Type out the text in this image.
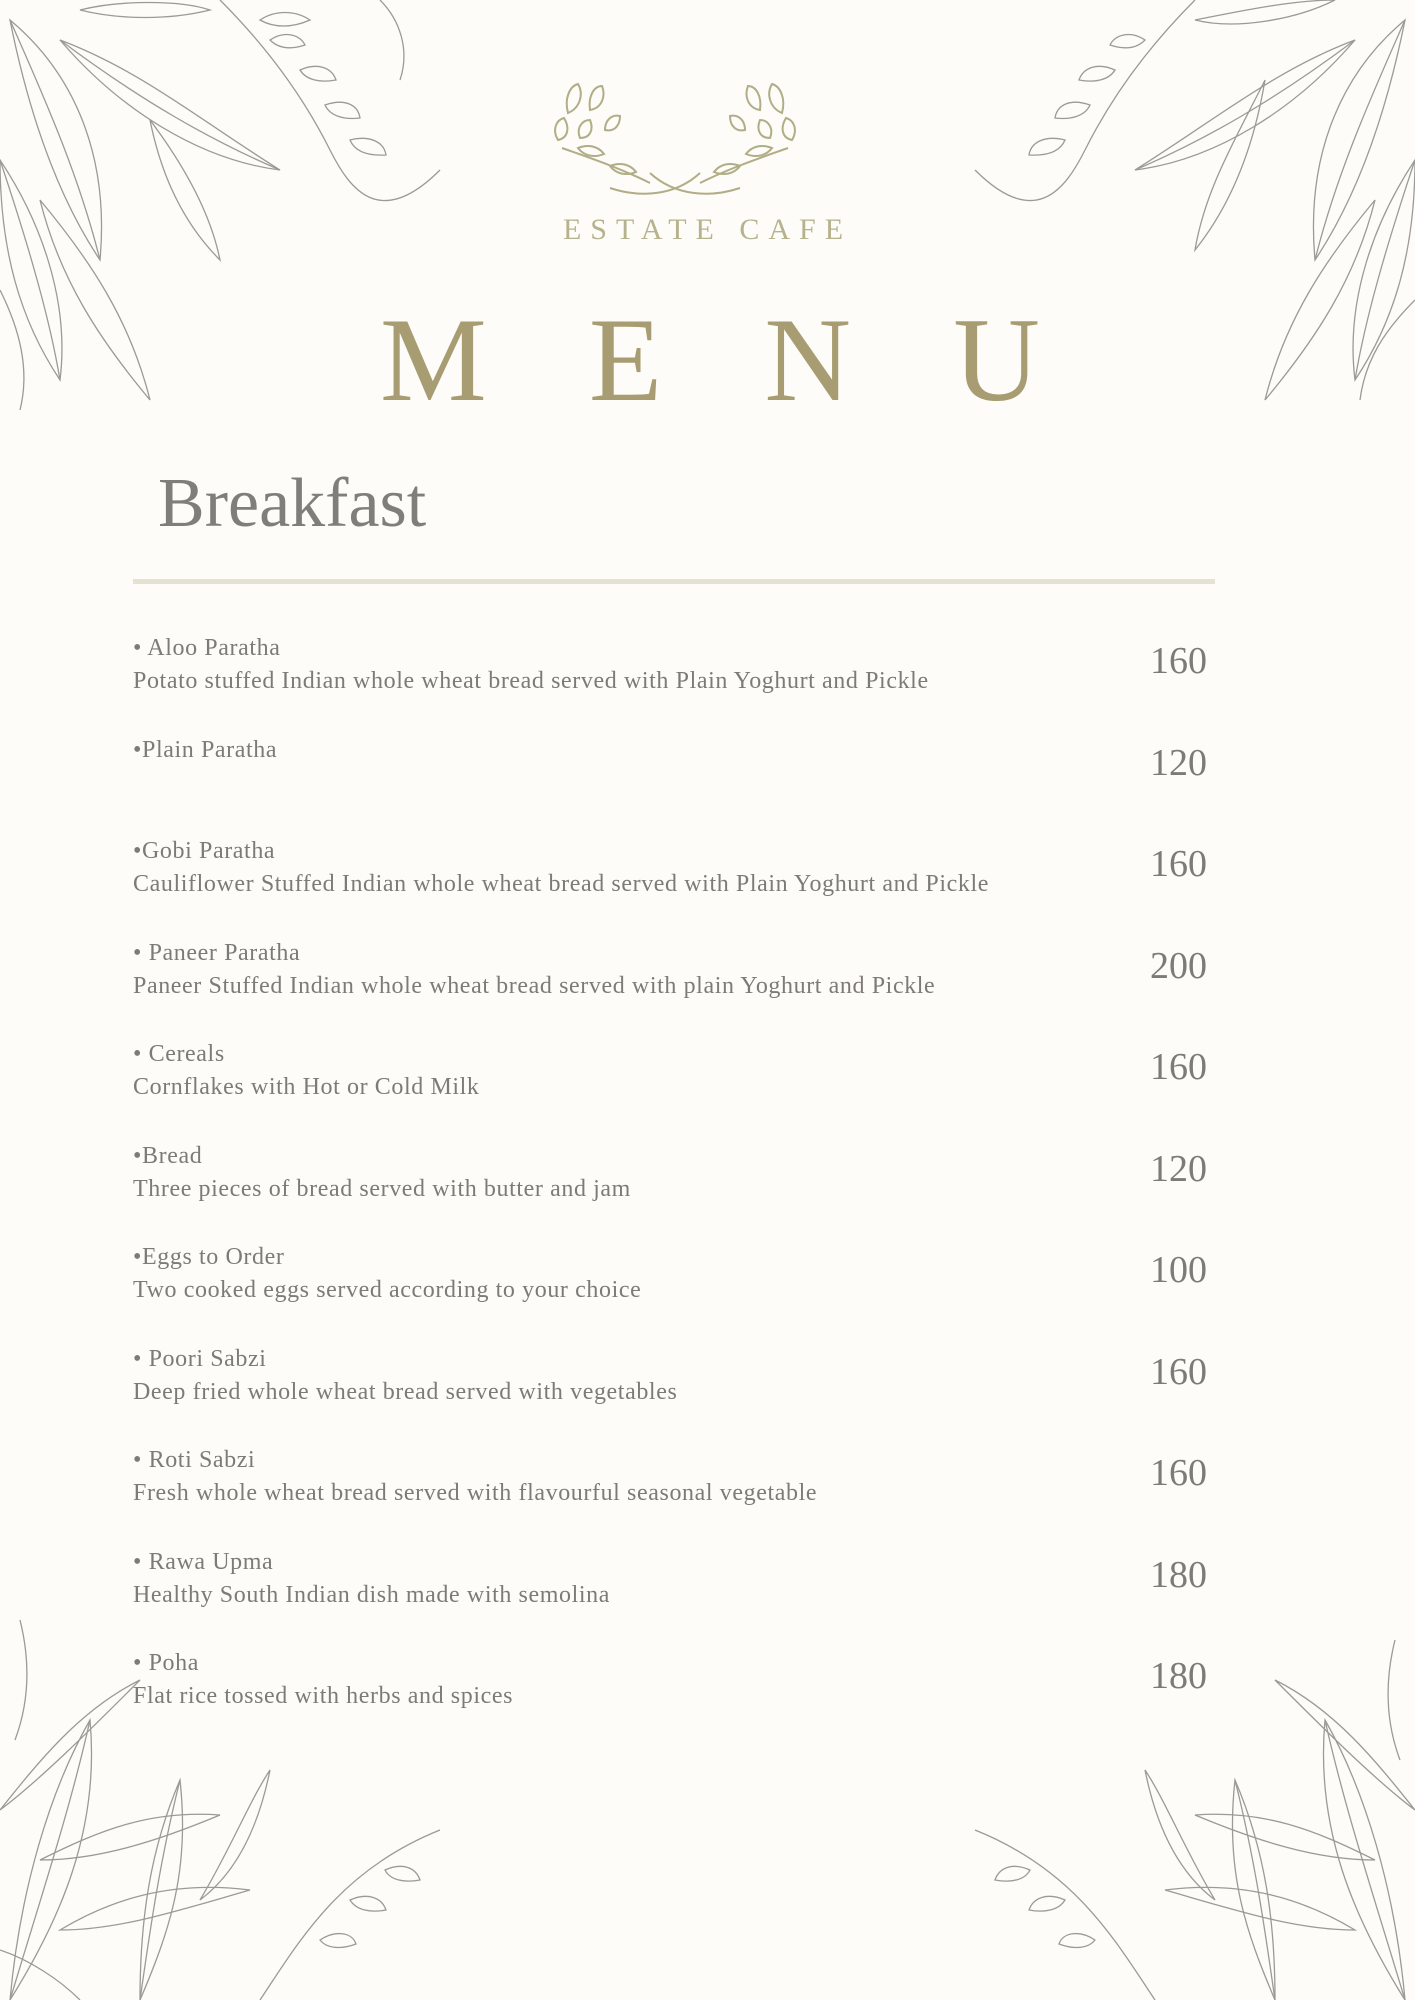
ESTATE CAFE
M E N U
Breakfast
• Aloo Paratha
Potato stuffed Indian whole wheat bread served with Plain Yoghurt and Pickle	160
•Plain Paratha	120
•Gobi Paratha
Cauliflower Stuffed Indian whole wheat bread served with Plain Yoghurt and Pickle	160
• Paneer Paratha
Paneer Stuffed Indian whole wheat bread served with plain Yoghurt and Pickle	200
• Cereals
Cornflakes with Hot or Cold Milk	160
•Bread
Three pieces of bread served with butter and jam	120
•Eggs to Order
Two cooked eggs served according to your choice	100
• Poori Sabzi
Deep fried whole wheat bread served with vegetables	160
• Roti Sabzi
Fresh whole wheat bread served with flavourful seasonal vegetable	160
• Rawa Upma
Healthy South Indian dish made with semolina	180
• Poha
Flat rice tossed with herbs and spices	180
